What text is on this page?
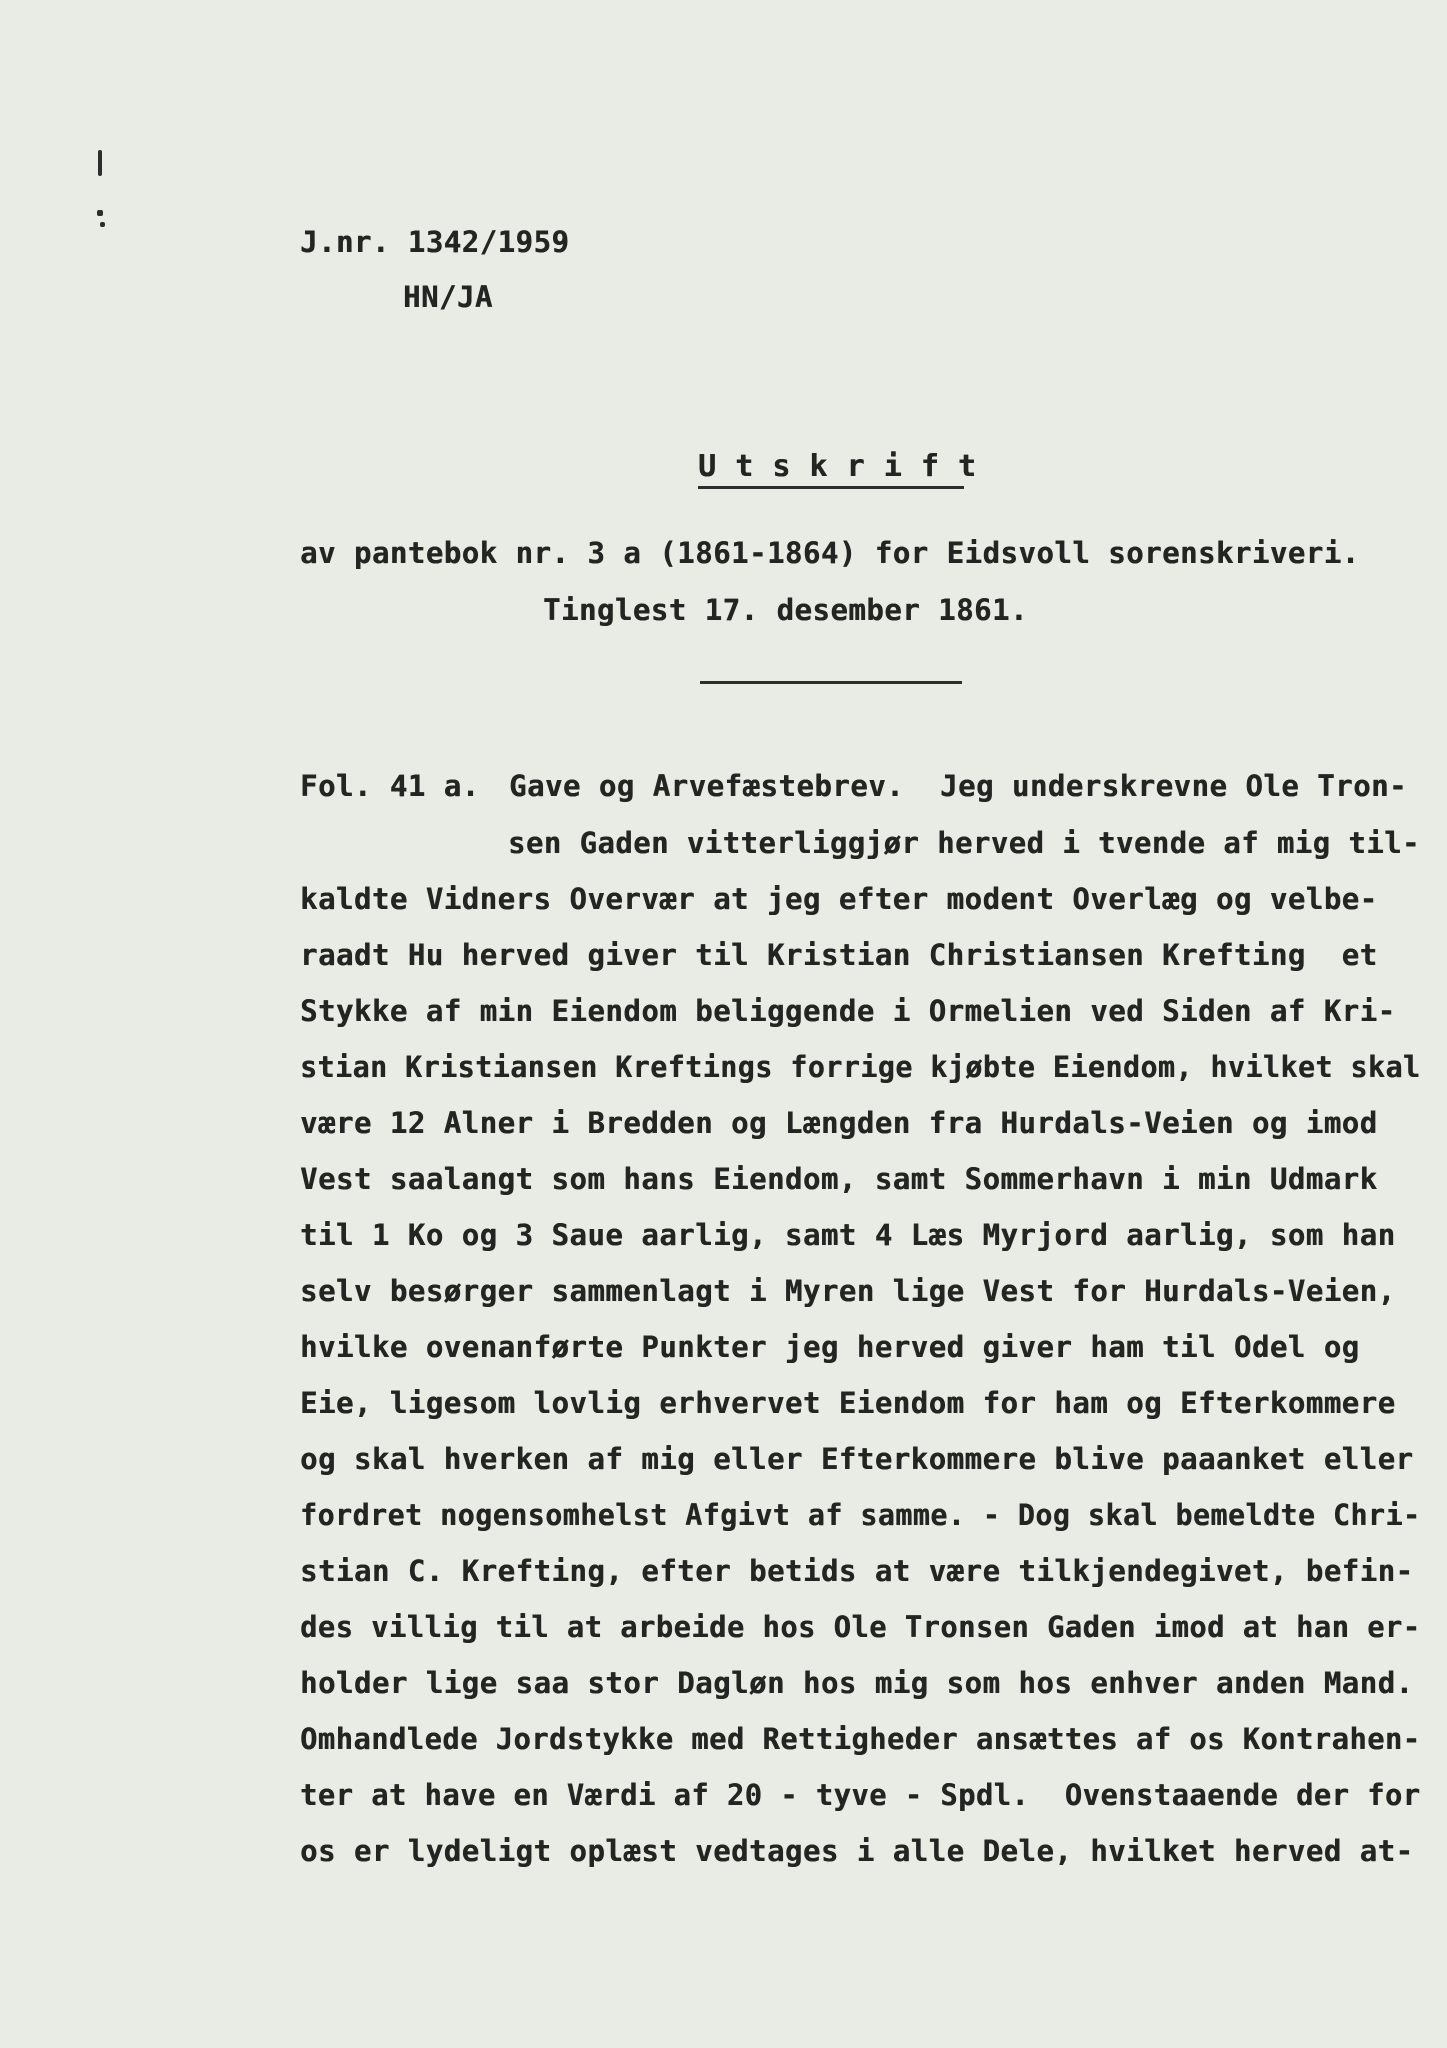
J.nr. 1342/1959
HN/JA
U t s k r i f t
av pantebok nr. 3 a (1861-1864) for Eidsvoll sorenskriveri.
Tinglest 17. desember 1861.
Fol. 41 a. Gave og Arvefæstebrev.  Jeg underskrevne Ole Tron-
sen Gaden vitterliggjør herved i tvende af mig til-
kaldte Vidners Overvær at jeg efter modent Overlæg og velbe-
raadt Hu herved giver til Kristian Christiansen Krefting  et
Stykke af min Eiendom beliggende i Ormelien ved Siden af Kri-
stian Kristiansen Kreftings forrige kjøbte Eiendom, hvilket skal
være 12 Alner i Bredden og Længden fra Hurdals-Veien og imod
Vest saalangt som hans Eiendom, samt Sommerhavn i min Udmark
til 1 Ko og 3 Saue aarlig, samt 4 Læs Myrjord aarlig, som han
selv besørger sammenlagt i Myren lige Vest for Hurdals-Veien,
hvilke ovenanførte Punkter jeg herved giver ham til Odel og
Eie, ligesom lovlig erhvervet Eiendom for ham og Efterkommere
og skal hverken af mig eller Efterkommere blive paaanket eller
fordret nogensomhelst Afgivt af samme. - Dog skal bemeldte Chri-
stian C. Krefting, efter betids at være tilkjendegivet, befin-
des villig til at arbeide hos Ole Tronsen Gaden imod at han er-
holder lige saa stor Dagløn hos mig som hos enhver anden Mand.
Omhandlede Jordstykke med Rettigheder ansættes af os Kontrahen-
ter at have en Værdi af 20 - tyve - Spdl.  Ovenstaaende der for
os er lydeligt oplæst vedtages i alle Dele, hvilket herved at-
